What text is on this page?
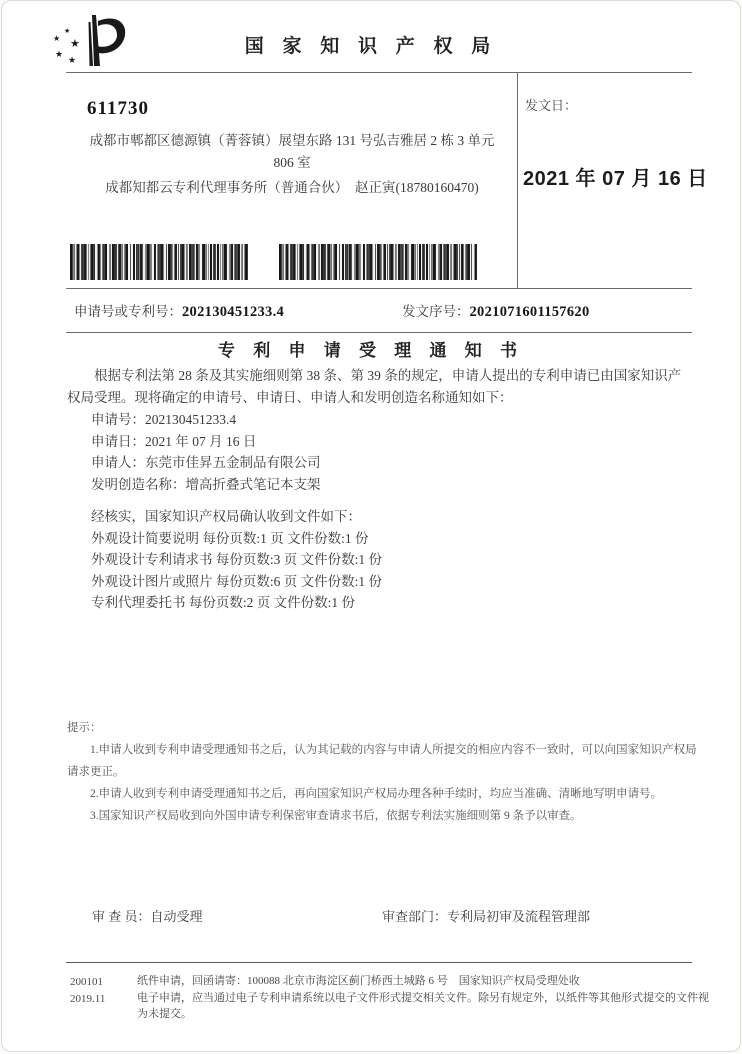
★
★
★
★
★
国 家 知 识 产 权 局
611730
成都市郫都区德源镇（菁蓉镇）展望东路 131 号弘吉雅居 2 栋 3 单元
806 室
成都知都云专利代理事务所（普通合伙）　赵正寅(18780160470)
发文日：
2021 年 07 月 16 日
申请号或专利号：202130451233.4	发文序号：2021071601157620
专 利 申 请 受 理 通 知 书

根据专利法第 28 条及其实施细则第 38 条、第 39 条的规定，申请人提出的专利申请已由国家知识产权局受理。现将确定的申请号、申请日、申请人和发明创造名称通知如下：

申请号：202130451233.4
申请日：2021 年 07 月 16 日
申请人：东莞市佳昇五金制品有限公司
发明创造名称：增高折叠式笔记本支架
经核实，国家知识产权局确认收到文件如下：
外观设计简要说明 每份页数:1 页 文件份数:1 份
外观设计专利请求书 每份页数:3 页 文件份数:1 份
外观设计图片或照片 每份页数:6 页 文件份数:1 份
专利代理委托书 每份页数:2 页 文件份数:1 份
提示：

1.申请人收到专利申请受理通知书之后，认为其记载的内容与申请人所提交的相应内容不一致时，可以向国家知识产权局请求更正。

2.申请人收到专利申请受理通知书之后，再向国家知识产权局办理各种手续时，均应当准确、清晰地写明申请号。

3.国家知识产权局收到向外国申请专利保密审查请求书后，依据专利法实施细则第 9 条予以审查。

审 查 员：自动受理	审查部门：专利局初审及流程管理部
200101	纸件申请，回函请寄：100088 北京市海淀区蓟门桥西土城路 6 号　国家知识产权局受理处收
2019.11	电子申请，应当通过电子专利申请系统以电子文件形式提交相关文件。除另有规定外，以纸件等其他形式提交的文件视为未提交。
